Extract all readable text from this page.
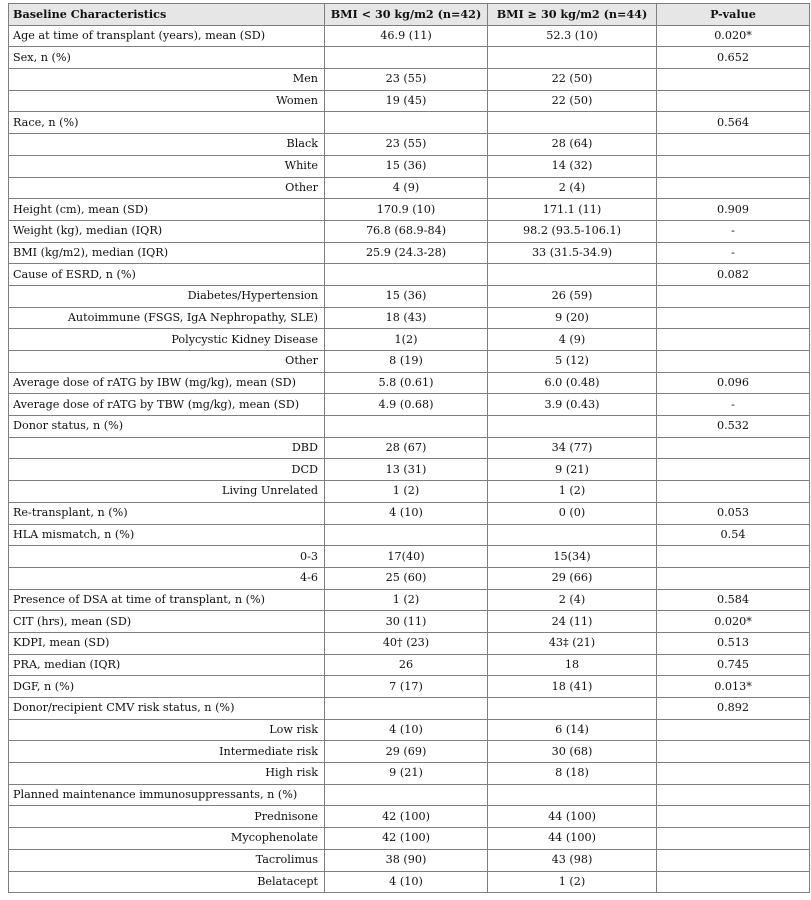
Baseline Characteristics	BMI < 30 kg/m2 (n=42)	BMI ≥ 30 kg/m2 (n=44)	P-value
Age at time of transplant (years), mean (SD)	46.9 (11)	52.3 (10)	0.020*
Sex, n (%)			0.652
Men	23 (55)	22 (50)	
Women	19 (45)	22 (50)	
Race, n (%)			0.564
Black	23 (55)	28 (64)	
White	15 (36)	14 (32)	
Other	4 (9)	2 (4)	
Height (cm), mean (SD)	170.9 (10)	171.1 (11)	0.909
Weight (kg), median (IQR)	76.8 (68.9-84)	98.2 (93.5-106.1)	-
BMI (kg/m2), median (IQR)	25.9 (24.3-28)	33 (31.5-34.9)	-
Cause of ESRD, n (%)			0.082
Diabetes/Hypertension	15 (36)	26 (59)	
Autoimmune (FSGS, IgA Nephropathy, SLE)	18 (43)	9 (20)	
Polycystic Kidney Disease	1(2)	4 (9)	
Other	8 (19)	5 (12)	
Average dose of rATG by IBW (mg/kg), mean (SD)	5.8 (0.61)	6.0 (0.48)	0.096
Average dose of rATG by TBW (mg/kg), mean (SD)	4.9 (0.68)	3.9 (0.43)	-
Donor status, n (%)			0.532
DBD	28 (67)	34 (77)	
DCD	13 (31)	9 (21)	
Living Unrelated	1 (2)	1 (2)	
Re-transplant, n (%)	4 (10)	0 (0)	0.053
HLA mismatch, n (%)			0.54
0-3	17(40)	15(34)	
4-6	25 (60)	29 (66)	
Presence of DSA at time of transplant, n (%)	1 (2)	2 (4)	0.584
CIT (hrs), mean (SD)	30 (11)	24 (11)	0.020*
KDPI, mean (SD)	40† (23)	43‡ (21)	0.513
PRA, median (IQR)	26	18	0.745
DGF, n (%)	7 (17)	18 (41)	0.013*
Donor/recipient CMV risk status, n (%)			0.892
Low risk	4 (10)	6 (14)	
Intermediate risk	29 (69)	30 (68)	
High risk	9 (21)	8 (18)	
Planned maintenance immunosuppressants, n (%)			
Prednisone	42 (100)	44 (100)	
Mycophenolate	42 (100)	44 (100)	
Tacrolimus	38 (90)	43 (98)	
Belatacept	4 (10)	1 (2)	
